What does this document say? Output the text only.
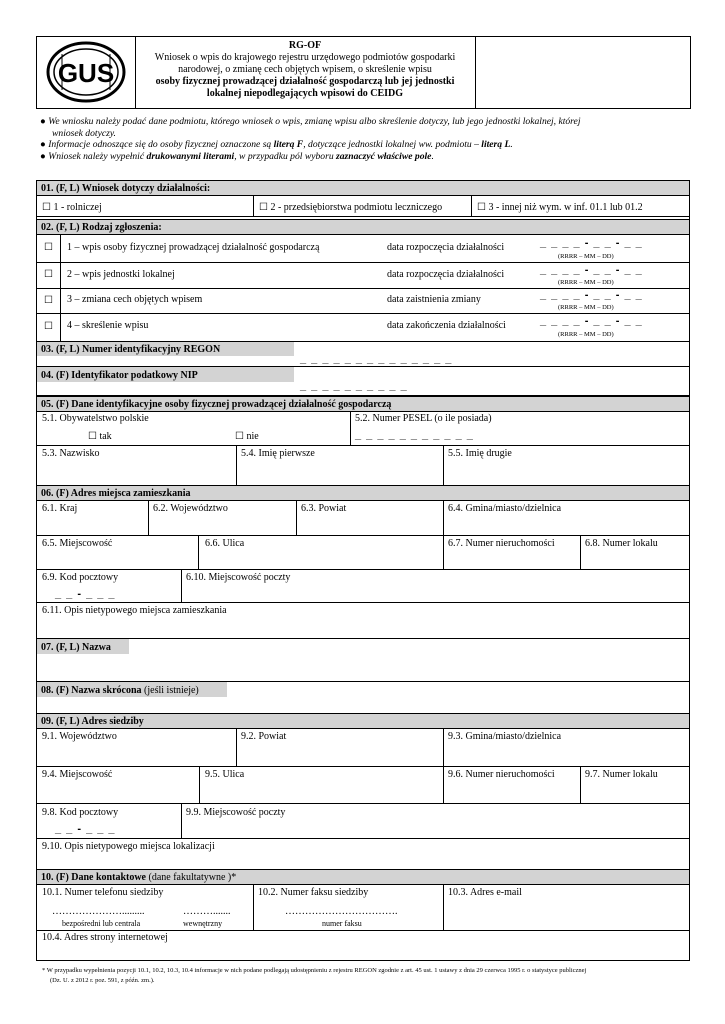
GUS
RG-OF
Wniosek o wpis do krajowego rejestru urzędowego podmiotów gospodarki
narodowej, o zmianę cech objętych wpisem, o skreślenie wpisu
osoby fizycznej prowadzącej działalność gospodarczą lub jej jednostki
lokalnej niepodlegających wpisowi do CEIDG
● We wniosku należy podać dane podmiotu, którego wniosek o wpis, zmianę wpisu albo skreślenie dotyczy, lub jego jednostki lokalnej, której
wniosek dotyczy.
● Informacje odnoszące się do osoby fizycznej oznaczone są literą F, dotyczące jednostki lokalnej ww. podmiotu – literą L.
● Wniosek należy wypełnić drukowanymi literami, w przypadku pól wyboru zaznaczyć właściwe pole.
01. (F, L) Wniosek dotyczy działalności:
☐ 1 - rolniczej	☐ 2 - przedsiębiorstwa podmiotu leczniczego	☐ 3 - innej niż wym. w inf. 01.1 lub 01.2
02. (F, L) Rodzaj zgłoszenia:
☐ 1 – wpis osoby fizycznej prowadzącej działalność gospodarczą	data rozpoczęcia działalności	_ _ _ _ - _ _ - _ _
(RRRR – MM – DD)
☐ 2 – wpis jednostki lokalnej	data rozpoczęcia działalności	_ _ _ _ - _ _ - _ _
(RRRR – MM – DD)
☐ 3 – zmiana cech objętych wpisem	data zaistnienia zmiany	_ _ _ _ - _ _ - _ _
(RRRR – MM – DD)
☐ 4 – skreślenie wpisu	data zakończenia działalności	_ _ _ _ - _ _ - _ _
(RRRR – MM – DD)
03. (F, L) Numer identyfikacyjny REGON
_ _ _ _ _ _ _ _ _ _ _ _ _ _
04. (F) Identyfikator podatkowy NIP
_ _ _ _ _ _ _ _ _ _
05. (F) Dane identyfikacyjne osoby fizycznej prowadzącej działalność gospodarczą
5.1. Obywatelstwo polskie
☐ tak	☐ nie
5.2. Numer PESEL (o ile posiada)
_ _ _ _ _ _ _ _ _ _ _
5.3. Nazwisko	5.4. Imię pierwsze	5.5. Imię drugie
06. (F) Adres miejsca zamieszkania
6.1. Kraj	6.2. Województwo	6.3. Powiat	6.4. Gmina/miasto/dzielnica
6.5. Miejscowość	6.6. Ulica	6.7. Numer nieruchomości	6.8. Numer lokalu
6.9. Kod pocztowy
_ _ - _ _ _
6.10. Miejscowość poczty
6.11. Opis nietypowego miejsca zamieszkania
07. (F, L) Nazwa
08. (F) Nazwa skrócona (jeśli istnieje)
09. (F, L) Adres siedziby
9.1. Województwo	9.2. Powiat	9.3. Gmina/miasto/dzielnica
9.4. Miejscowość	9.5. Ulica	9.6. Numer nieruchomości	9.7. Numer lokalu
9.8. Kod pocztowy
_ _ - _ _ _
9.9. Miejscowość poczty
9.10. Opis nietypowego miejsca lokalizacji
10. (F) Dane kontaktowe (dane fakultatywne )*
10.1. Numer telefonu siedziby
………………….........	……….......
bezpośredni lub centrala	wewnętrzny
10.2. Numer faksu siedziby
…………………………….
numer faksu
10.3. Adres e-mail
10.4. Adres strony internetowej
* W przypadku wypełnienia pozycji 10.1, 10.2, 10.3, 10.4 informacje w nich podane podlegają udostępnieniu z rejestru REGON zgodnie z art. 45 ust. 1 ustawy z dnia 29 czerwca 1995 r. o statystyce publicznej
(Dz. U. z 2012 r. poz. 591, z późn. zm.).
